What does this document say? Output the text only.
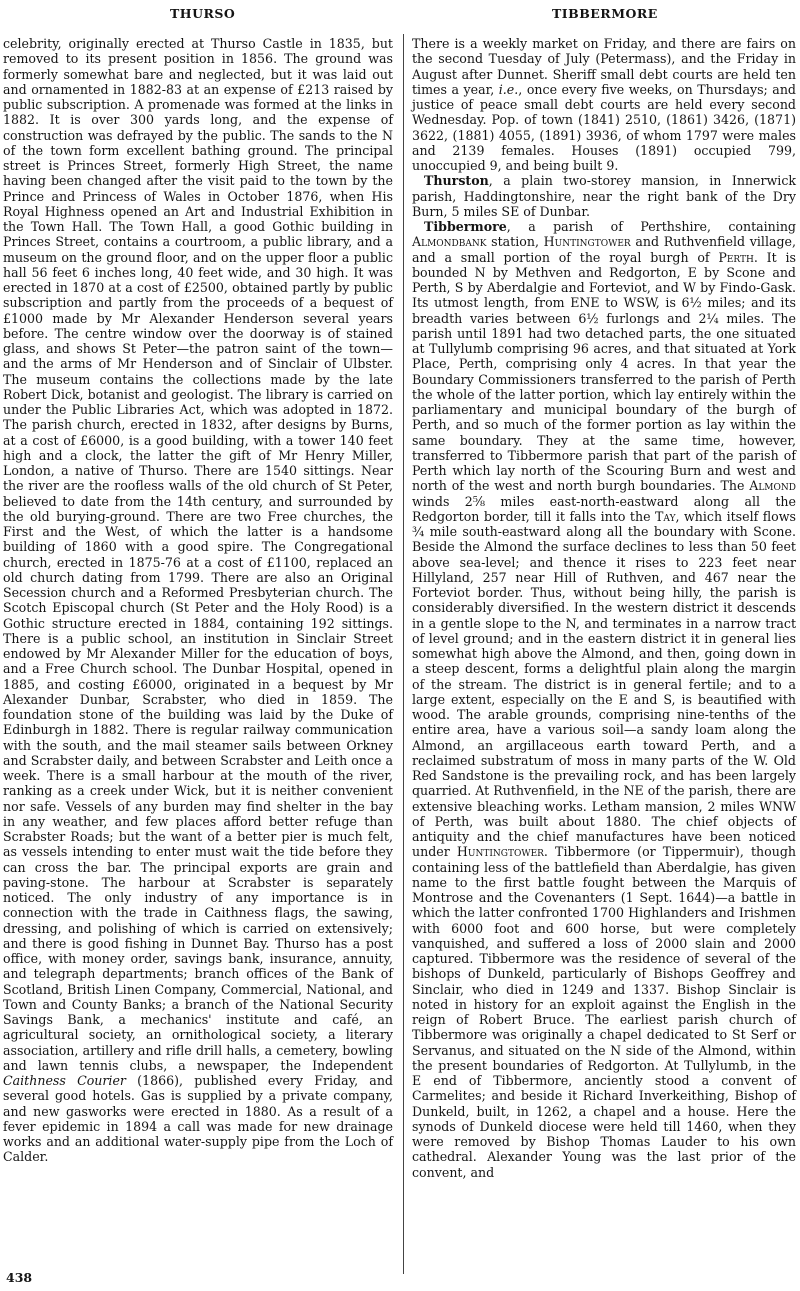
THURSO	TIBBERMORE

celebrity, originally erected at Thurso Castle in 1835, but removed to its present position in 1856. The ground was formerly somewhat bare and neglected, but it was laid out and ornamented in 1882-83 at an expense of £213 raised by public subscription. A promenade was formed at the links in 1882. It is over 300 yards long, and the expense of construction was defrayed by the public. The sands to the N of the town form excellent bathing ground. The principal street is Princes Street, formerly High Street, the name having been changed after the visit paid to the town by the Prince and Princess of Wales in October 1876, when His Royal Highness opened an Art and Industrial Exhibition in the Town Hall. The Town Hall, a good Gothic building in Princes Street, contains a courtroom, a public library, and a museum on the ground floor, and on the upper floor a public hall 56 feet 6 inches long, 40 feet wide, and 30 high. It was erected in 1870 at a cost of £2500, obtained partly by public subscription and partly from the proceeds of a bequest of £1000 made by Mr Alexander Henderson several years before. The centre window over the doorway is of stained glass, and shows St Peter—the patron saint of the town—and the arms of Mr Henderson and of Sinclair of Ulbster. The museum contains the collections made by the late Robert Dick, botanist and geologist. The library is carried on under the Public Libraries Act, which was adopted in 1872. The parish church, erected in 1832, after designs by Burns, at a cost of £6000, is a good building, with a tower 140 feet high and a clock, the latter the gift of Mr Henry Miller, London, a native of Thurso. There are 1540 sittings. Near the river are the roofless walls of the old church of St Peter, believed to date from the 14th century, and surrounded by the old burying-ground. There are two Free churches, the First and the West, of which the latter is a handsome building of 1860 with a good spire. The Congregational church, erected in 1875-76 at a cost of £1100, replaced an old church dating from 1799. There are also an Original Secession church and a Reformed Presbyterian church. The Scotch Episcopal church (St Peter and the Holy Rood) is a Gothic structure erected in 1884, containing 192 sittings. There is a public school, an institution in Sinclair Street endowed by Mr Alexander Miller for the education of boys, and a Free Church school. The Dunbar Hospital, opened in 1885, and costing £6000, originated in a bequest by Mr Alexander Dunbar, Scrabster, who died in 1859. The foundation stone of the building was laid by the Duke of Edinburgh in 1882. There is regular railway communication with the south, and the mail steamer sails between Orkney and Scrabster daily, and between Scrabster and Leith once a week. There is a small harbour at the mouth of the river, ranking as a creek under Wick, but it is neither convenient nor safe. Vessels of any burden may find shelter in the bay in any weather, and few places afford better refuge than Scrabster Roads; but the want of a better pier is much felt, as vessels intending to enter must wait the tide before they can cross the bar. The principal exports are grain and paving-stone. The harbour at Scrabster is separately noticed. The only industry of any importance is in connection with the trade in Caithness flags, the sawing, dressing, and polishing of which is carried on extensively; and there is good fishing in Dunnet Bay. Thurso has a post office, with money order, savings bank, insurance, annuity, and telegraph departments; branch offices of the Bank of Scotland, British Linen Company, Commercial, National, and Town and County Banks; a branch of the National Security Savings Bank, a mechanics' institute and café, an agricultural society, an ornithological society, a literary association, artillery and rifle drill halls, a cemetery, bowling and lawn tennis clubs, a newspaper, the Independent Caithness Courier (1866), published every Friday, and several good hotels. Gas is supplied by a private company, and new gasworks were erected in 1880. As a result of a fever epidemic in 1894 a call was made for new drainage works and an additional water-supply pipe from the Loch of Calder.

There is a weekly market on Friday, and there are fairs on the second Tuesday of July (Petermass), and the Friday in August after Dunnet. Sheriff small debt courts are held ten times a year, i.e., once every five weeks, on Thursdays; and justice of peace small debt courts are held every second Wednesday. Pop. of town (1841) 2510, (1861) 3426, (1871) 3622, (1881) 4055, (1891) 3936, of whom 1797 were males and 2139 females. Houses (1891) occupied 799, unoccupied 9, and being built 9.

Thurston, a plain two-storey mansion, in Innerwick parish, Haddingtonshire, near the right bank of the Dry Burn, 5 miles SE of Dunbar.

Tibbermore, a parish of Perthshire, containing Almondbank station, Huntingtower and Ruthvenfield village, and a small portion of the royal burgh of Perth. It is bounded N by Methven and Redgorton, E by Scone and Perth, S by Aberdalgie and Forteviot, and W by Findo-Gask. Its utmost length, from ENE to WSW, is 6½ miles; and its breadth varies between 6½ furlongs and 2¼ miles. The parish until 1891 had two detached parts, the one situated at Tullylumb comprising 96 acres, and that situated at York Place, Perth, comprising only 4 acres. In that year the Boundary Commissioners transferred to the parish of Perth the whole of the latter portion, which lay entirely within the parliamentary and municipal boundary of the burgh of Perth, and so much of the former portion as lay within the same boundary. They at the same time, however, transferred to Tibbermore parish that part of the parish of Perth which lay north of the Scouring Burn and west and north of the west and north burgh boundaries. The Almond winds 2⅝ miles east-north-eastward along all the Redgorton border, till it falls into the Tay, which itself flows ¾ mile south-eastward along all the boundary with Scone. Beside the Almond the surface declines to less than 50 feet above sea-level; and thence it rises to 223 feet near Hillyland, 257 near Hill of Ruthven, and 467 near the Forteviot border. Thus, without being hilly, the parish is considerably diversified. In the western district it descends in a gentle slope to the N, and terminates in a narrow tract of level ground; and in the eastern district it in general lies somewhat high above the Almond, and then, going down in a steep descent, forms a delightful plain along the margin of the stream. The district is in general fertile; and to a large extent, especially on the E and S, is beautified with wood. The arable grounds, comprising nine-tenths of the entire area, have a various soil—a sandy loam along the Almond, an argillaceous earth toward Perth, and a reclaimed substratum of moss in many parts of the W. Old Red Sandstone is the prevailing rock, and has been largely quarried. At Ruthvenfield, in the NE of the parish, there are extensive bleaching works. Letham mansion, 2 miles WNW of Perth, was built about 1880. The chief objects of antiquity and the chief manufactures have been noticed under Huntingtower. Tibbermore (or Tippermuir), though containing less of the battlefield than Aberdalgie, has given name to the first battle fought between the Marquis of Montrose and the Covenanters (1 Sept. 1644)—a battle in which the latter confronted 1700 Highlanders and Irishmen with 6000 foot and 600 horse, but were completely vanquished, and suffered a loss of 2000 slain and 2000 captured. Tibbermore was the residence of several of the bishops of Dunkeld, particularly of Bishops Geoffrey and Sinclair, who died in 1249 and 1337. Bishop Sinclair is noted in history for an exploit against the English in the reign of Robert Bruce. The earliest parish church of Tibbermore was originally a chapel dedicated to St Serf or Servanus, and situated on the N side of the Almond, within the present boundaries of Redgorton. At Tullylumb, in the E end of Tibbermore, anciently stood a convent of Carmelites; and beside it Richard Inverkeithing, Bishop of Dunkeld, built, in 1262, a chapel and a house. Here the synods of Dunkeld diocese were held till 1460, when they were removed by Bishop Thomas Lauder to his own cathedral. Alexander Young was the last prior of the convent, and

438
